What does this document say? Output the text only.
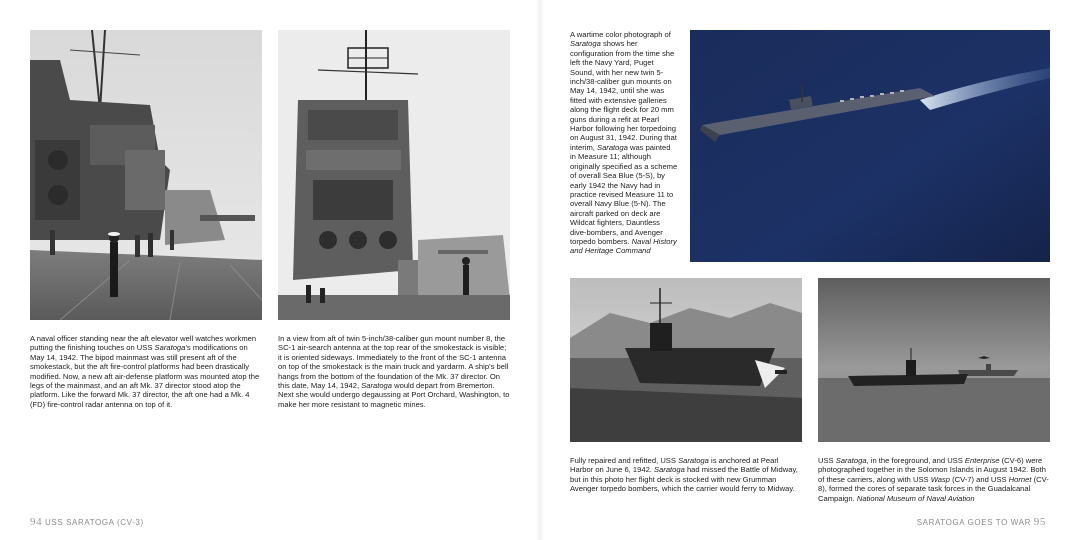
A naval officer standing near the aft elevator well watches workmen putting the finishing touches on USS Saratoga’s modifications on May 14, 1942. The bipod mainmast was still present aft of the smokestack, but the aft fire-control platforms had been drastically modified. Now, a new aft air-defense platform was mounted atop the legs of the mainmast, and an aft Mk. 37 director stood atop the platform. Like the forward Mk. 37 director, the aft one had a Mk. 4 (FD) fire-control radar antenna on top of it.

In a view from aft of twin 5-inch/38-caliber gun mount number 8, the SC-1 air-search antenna at the top rear of the smokestack is visible; it is oriented sideways. Immediately to the front of the SC-1 antenna on top of the smokestack is the main truck and yardarm. A ship’s bell hangs from the bottom of the foundation of the Mk. 37 director. On this date, May 14, 1942, Saratoga would depart from Bremerton. Next she would undergo degaussing at Port Orchard, Washington, to make her more resistant to magnetic mines.

94 USS SARATOGA (CV-3)

A wartime color photograph of Saratoga shows her configuration from the time she left the Navy Yard, Puget Sound, with her new twin 5-inch/38-caliber gun mounts on May 14, 1942, until she was fitted with extensive galleries along the flight deck for 20 mm guns during a refit at Pearl Harbor following her torpedoing on August 31, 1942. During that interim, Saratoga was painted in Measure 11; although originally specified as a scheme of overall Sea Blue (5-S), by early 1942 the Navy had in practice revised Measure 11 to overall Navy Blue (5-N). The aircraft parked on deck are Wildcat fighters, Dauntless dive-bombers, and Avenger torpedo bombers. Naval History and Heritage Command

Fully repaired and refitted, USS Saratoga is anchored at Pearl Harbor on June 6, 1942. Saratoga had missed the Battle of Midway, but in this photo her flight deck is stocked with new Grumman Avenger torpedo bombers, which the carrier would ferry to Midway.

USS Saratoga, in the foreground, and USS Enterprise (CV-6) were photographed together in the Solomon Islands in August 1942. Both of these carriers, along with USS Wasp (CV-7) and USS Hornet (CV-8), formed the cores of separate task forces in the Guadalcanal Campaign. National Museum of Naval Aviation

SARATOGA GOES TO WAR 95
